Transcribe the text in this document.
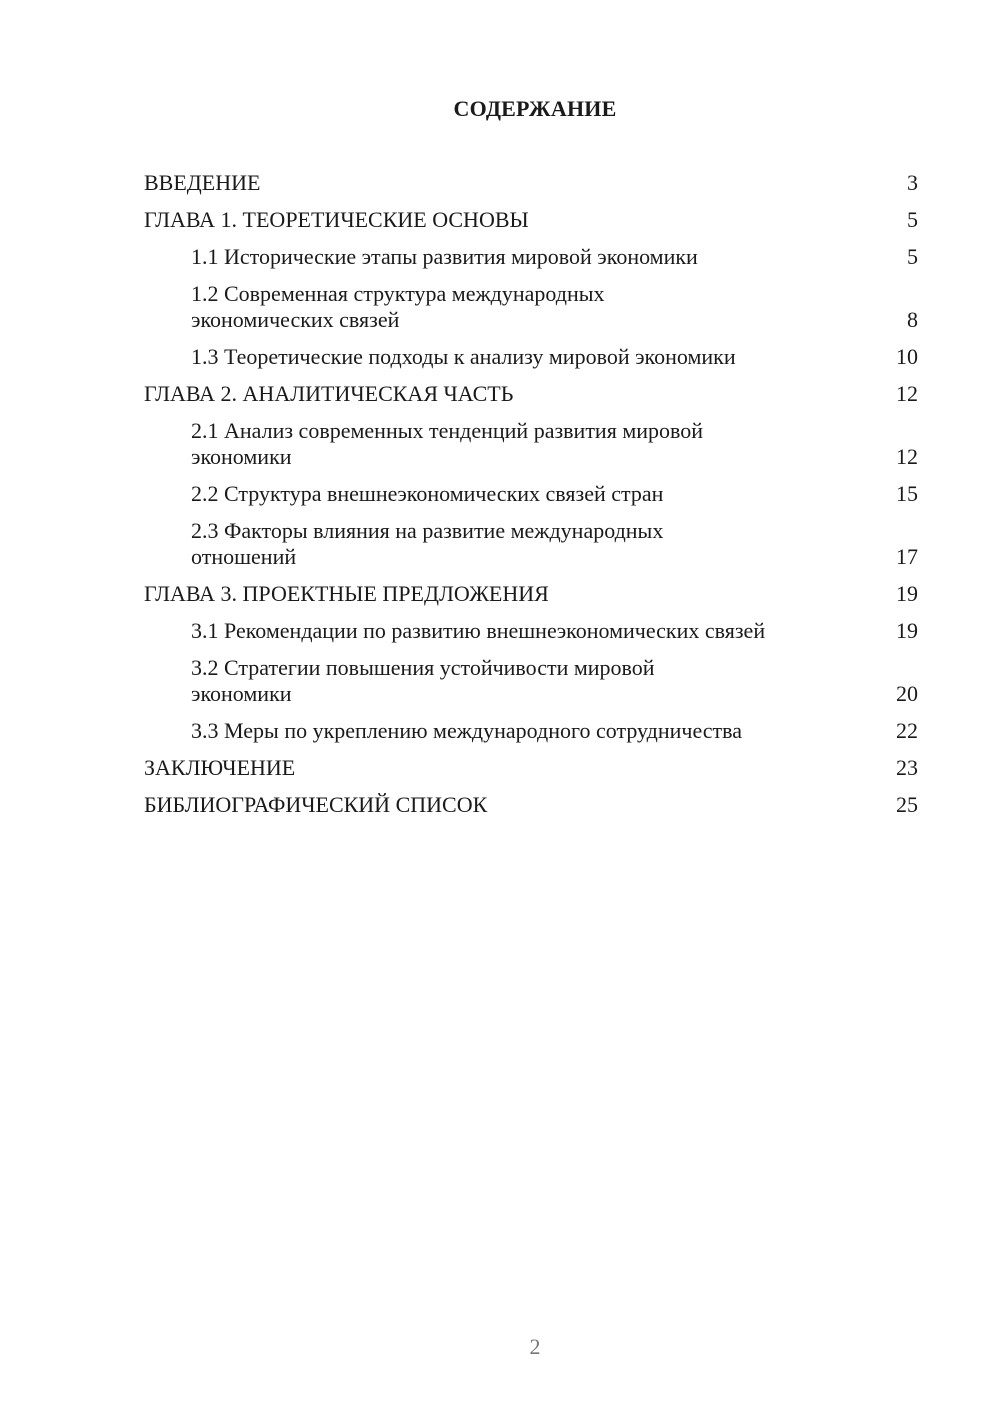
СОДЕРЖАНИЕ
ВВЕДЕНИЕ	3
ГЛАВА 1. ТЕОРЕТИЧЕСКИЕ ОСНОВЫ	5
1.1 Исторические этапы развития мировой экономики	5
1.2 Современная структура международных экономических связей	8
1.3 Теоретические подходы к анализу мировой экономики	10
ГЛАВА 2. АНАЛИТИЧЕСКАЯ ЧАСТЬ	12
2.1 Анализ современных тенденций развития мировой экономики	12
2.2 Структура внешнеэкономических связей стран	15
2.3 Факторы влияния на развитие международных отношений	17
ГЛАВА 3. ПРОЕКТНЫЕ ПРЕДЛОЖЕНИЯ	19
3.1 Рекомендации по развитию внешнеэкономических связей	19
3.2 Стратегии повышения устойчивости мировой экономики	20
3.3 Меры по укреплению международного сотрудничества	22
ЗАКЛЮЧЕНИЕ	23
БИБЛИОГРАФИЧЕСКИЙ СПИСОК	25
2
